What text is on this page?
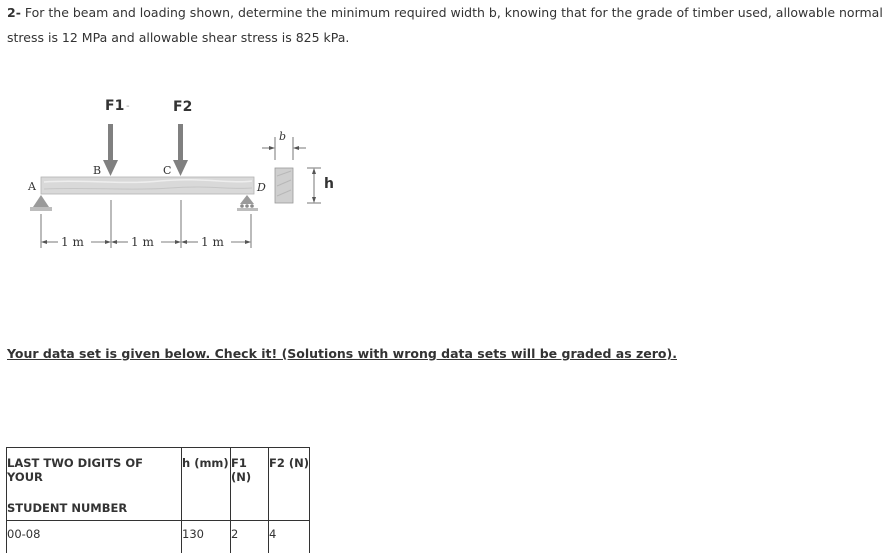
2- For the beam and loading shown, determine the minimum required width b, knowing that for the grade of timber used, allowable normal stress is 12 MPa and allowable shear stress is 825 kPa.

F1 -	F2
A
B	C
D
1 m	1 m	1 m
b
h

Your data set is given below. Check it! (Solutions with wrong data sets will be graded as zero).

LAST TWO DIGITS OF YOUR
STUDENT NUMBER	h (mm)	F1 (N)	F2 (N)

00-08	130	2	4
